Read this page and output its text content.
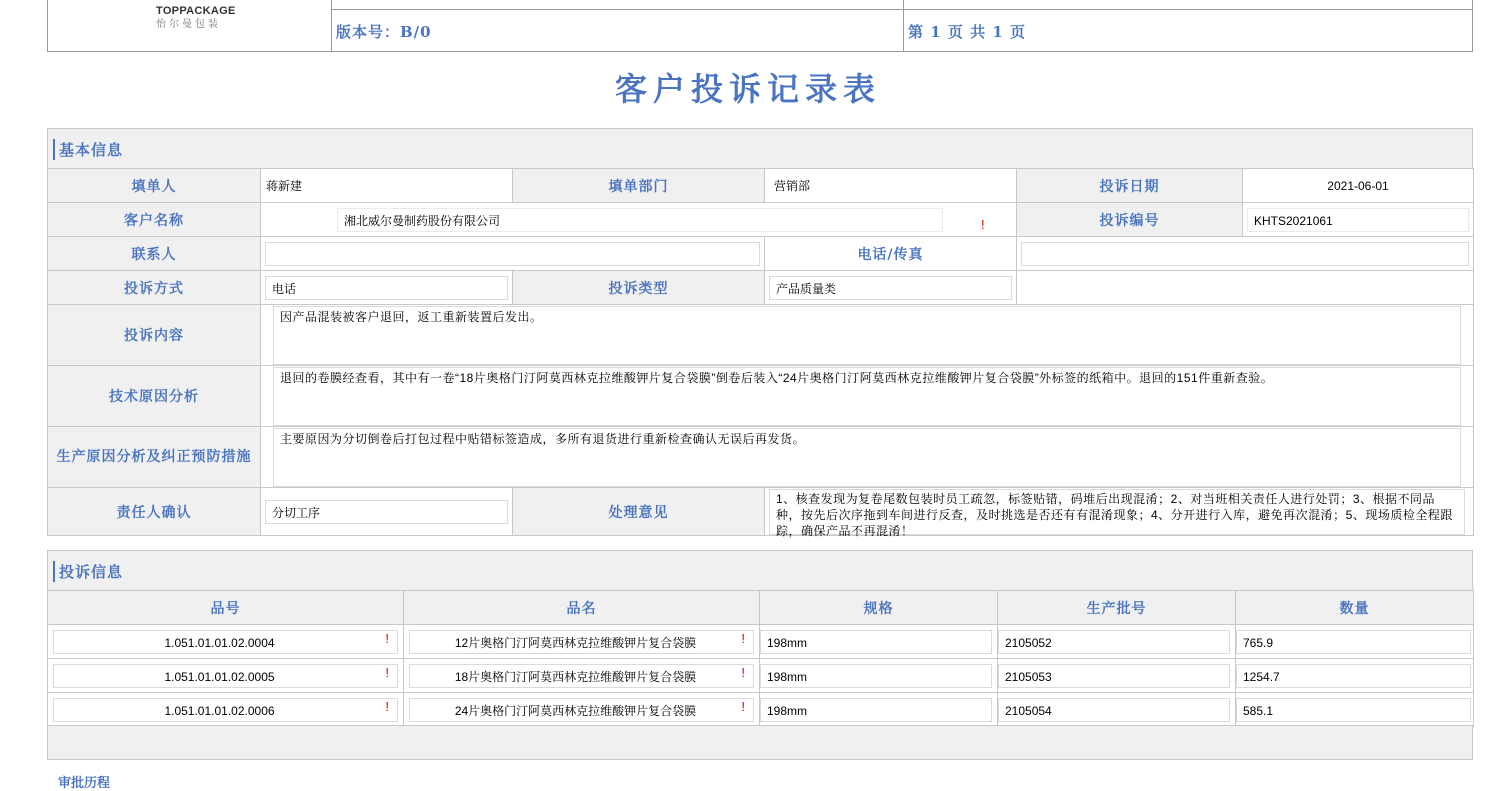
TOPPACKAGE
怡尔曼包装	版本号：B/0	第 1 页 共 1 页
客户投诉记录表
基本信息
填单人	蒋新建	填单部门	营销部	投诉日期	2021-06-01
客户名称	湘北威尔曼制药股份有限公司 !			投诉编号	KHTS2021061

联系人			电话/传真		

投诉方式	电话	投诉类型	产品质量类		

投诉内容	因产品混装被客户退回，返工重新装置后发出。				

技术原因分析	退回的卷膜经查看，其中有一卷“18片奥格门汀阿莫西林克拉维酸钾片复合袋膜”倒卷后装入“24片奥格门汀阿莫西林克拉维酸钾片复合袋膜”外标签的纸箱中。退回的151件重新查验。				

生产原因分析及纠正预防措施	主要原因为分切倒卷后打包过程中贴错标签造成，多所有退货进行重新检查确认无误后再发货。				

责任人确认	分切工序	处理意见	1、核查发现为复卷尾数包装时员工疏忽，标签贴错，码堆后出现混淆；2、对当班相关责任人进行处罚；3、根据不同品种，按先后次序拖到车间进行反查，及时挑选是否还有有混淆现象；4、分开进行入库，避免再次混淆；5、现场质检全程跟踪，确保产品不再混淆！		
投诉信息
品号	品名	规格	生产批号	数量

1.051.01.01.02.0004 !	12片奥格门汀阿莫西林克拉维酸钾片复合袋膜 !	198mm	2105052	765.9

1.051.01.01.02.0005 !	18片奥格门汀阿莫西林克拉维酸钾片复合袋膜 !	198mm	2105053	1254.7

1.051.01.01.02.0006 !	24片奥格门汀阿莫西林克拉维酸钾片复合袋膜 !	198mm	2105054	585.1
审批历程
